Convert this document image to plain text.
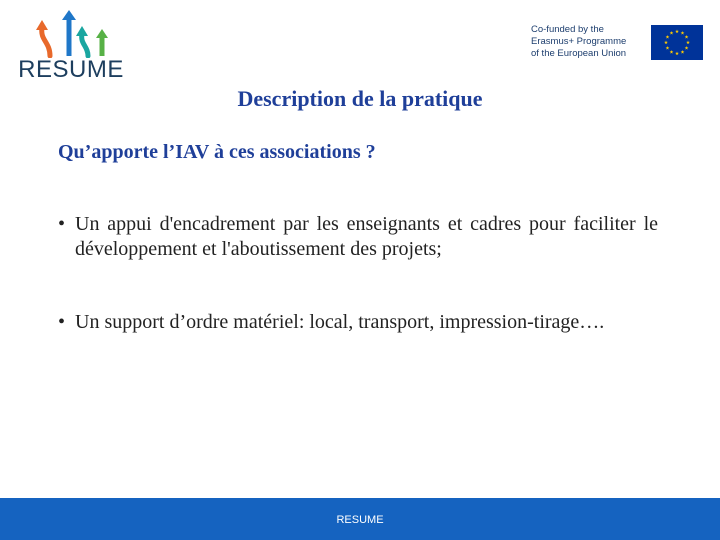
RESUME
Co-funded by the
Erasmus+ Programme
of the European Union
Description de la pratique
Qu’apporte l’IAV à ces associations ?
• Un appui d'encadrement par les enseignants et cadres pour faciliter le développement et l'aboutissement des projets;
• Un support d’ordre matériel: local, transport, impression-tirage….
RESUME
